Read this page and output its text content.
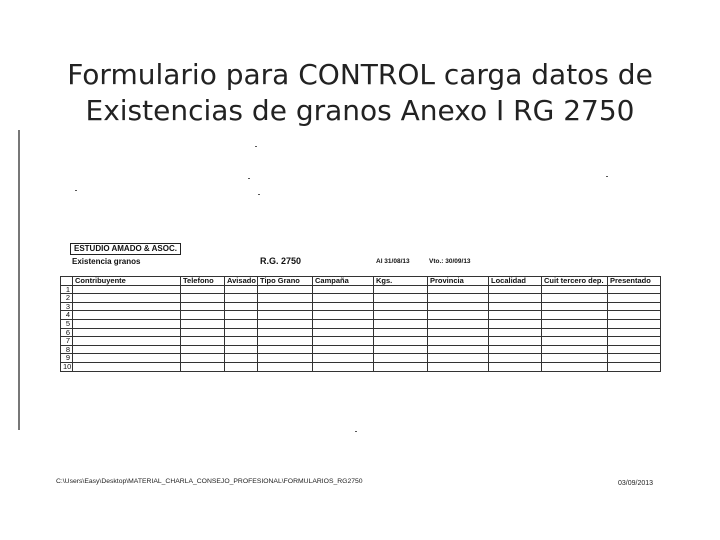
Formulario para CONTROL carga datos de
Existencias de granos Anexo I RG 2750
ESTUDIO AMADO & ASOC.
Existencia granos	R.G. 2750	Al 31/08/13	Vto.: 30/09/13
	Contribuyente	Telefono	Avisado	Tipo Grano	Campaña	Kgs.	Provincia	Localidad	Cuit tercero dep.	Presentado
1										
2										
3										
4										
5										
6										
7										
8										
9										
10										
C:\Users\Easy\Desktop\MATERIAL_CHARLA_CONSEJO_PROFESIONAL\FORMULARIOS_RG2750	03/09/2013
